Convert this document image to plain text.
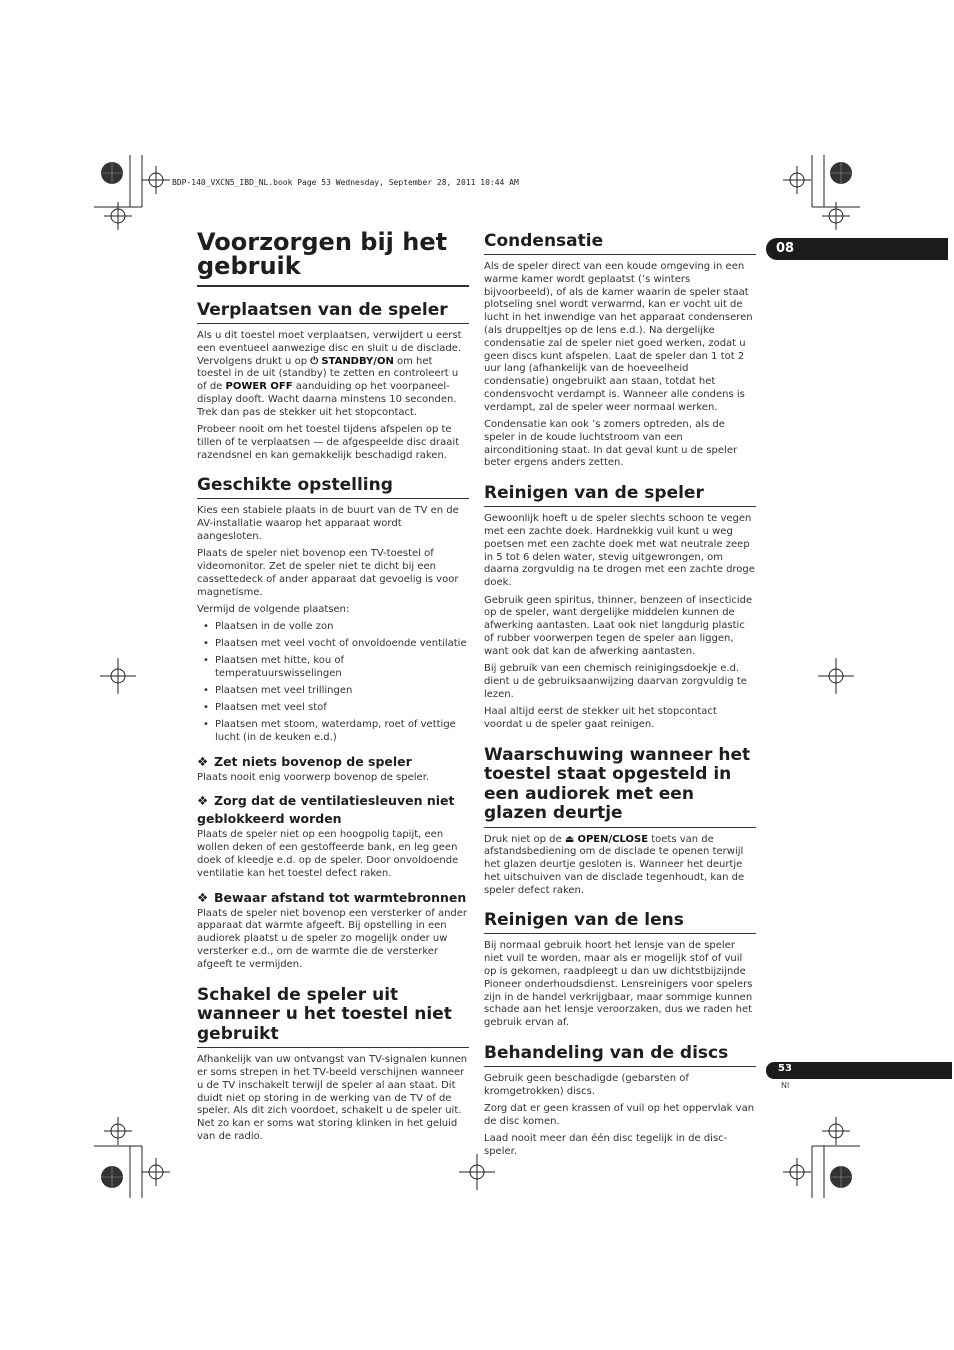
BDP-140_VXCN5_IBD_NL.book Page 53 Wednesday, September 28, 2011 10:44 AM
08
Voorzorgen bij het gebruik
Verplaatsen van de speler

Als u dit toestel moet verplaatsen, verwijdert u eerst een eventueel aanwezige disc en sluit u de disclade. Vervolgens drukt u op ⏻ STANDBY/ON om het toestel in de uit (standby) te zetten en controleert u of de POWER OFF aanduiding op het voorpaneel-display dooft. Wacht daarna minstens 10 seconden. Trek dan pas de stekker uit het stopcontact.

Probeer nooit om het toestel tijdens afspelen op te tillen of te verplaatsen — de afgespeelde disc draait razendsnel en kan gemakkelijk beschadigd raken.

Geschikte opstelling

Kies een stabiele plaats in de buurt van de TV en de AV-installatie waarop het apparaat wordt aangesloten.

Plaats de speler niet bovenop een TV-toestel of videomonitor. Zet de speler niet te dicht bij een cassettedeck of ander apparaat dat gevoelig is voor magnetisme.

Vermijd de volgende plaatsen:

• Plaatsen in de volle zon
• Plaatsen met veel vocht of onvoldoende ventilatie
• Plaatsen met hitte, kou of temperatuurswisselingen
• Plaatsen met veel trillingen
• Plaatsen met veel stof
• Plaatsen met stoom, waterdamp, roet of vettige lucht (in de keuken e.d.)
❖ Zet niets bovenop de speler

Plaats nooit enig voorwerp bovenop de speler.

❖ Zorg dat de ventilatiesleuven niet geblokkeerd worden

Plaats de speler niet op een hoogpolig tapijt, een wollen deken of een gestoffeerde bank, en leg geen doek of kleedje e.d. op de speler. Door onvoldoende ventilatie kan het toestel defect raken.

❖ Bewaar afstand tot warmtebronnen

Plaats de speler niet bovenop een versterker of ander apparaat dat warmte afgeeft. Bij opstelling in een audiorek plaatst u de speler zo mogelijk onder uw versterker e.d., om de warmte die de versterker afgeeft te vermijden.

Schakel de speler uit wanneer u het toestel niet gebruikt

Afhankelijk van uw ontvangst van TV-signalen kunnen er soms strepen in het TV-beeld verschijnen wanneer u de TV inschakelt terwijl de speler al aan staat. Dit duidt niet op storing in de werking van de TV of de speler. Als dit zich voordoet, schakelt u de speler uit. Net zo kan er soms wat storing klinken in het geluid van de radio.

Condensatie

Als de speler direct van een koude omgeving in een warme kamer wordt geplaatst (’s winters bijvoorbeeld), of als de kamer waarin de speler staat plotseling snel wordt verwarmd, kan er vocht uit de lucht in het inwendige van het apparaat condenseren (als druppeltjes op de lens e.d.). Na dergelijke condensatie zal de speler niet goed werken, zodat u geen discs kunt afspelen. Laat de speler dan 1 tot 2 uur lang (afhankelijk van de hoeveelheid condensatie) ongebruikt aan staan, totdat het condensvocht verdampt is. Wanneer alle condens is verdampt, zal de speler weer normaal werken.

Condensatie kan ook ’s zomers optreden, als de speler in de koude luchtstroom van een airconditioning staat. In dat geval kunt u de speler beter ergens anders zetten.

Reinigen van de speler

Gewoonlijk hoeft u de speler slechts schoon te vegen met een zachte doek. Hardnekkig vuil kunt u weg poetsen met een zachte doek met wat neutrale zeep in 5 tot 6 delen water, stevig uitgewrongen, om daarna zorgvuldig na te drogen met een zachte droge doek.

Gebruik geen spiritus, thinner, benzeen of insecticide op de speler, want dergelijke middelen kunnen de afwerking aantasten. Laat ook niet langdurig plastic of rubber voorwerpen tegen de speler aan liggen, want ook dat kan de afwerking aantasten.

Bij gebruik van een chemisch reinigingsdoekje e.d. dient u de gebruiksaanwijzing daarvan zorgvuldig te lezen.

Haal altijd eerst de stekker uit het stopcontact voordat u de speler gaat reinigen.

Waarschuwing wanneer het toestel staat opgesteld in een audiorek met een glazen deurtje

Druk niet op de ⏏ OPEN/CLOSE toets van de afstandsbediening om de disclade te openen terwijl het glazen deurtje gesloten is. Wanneer het deurtje het uitschuiven van de disclade tegenhoudt, kan de speler defect raken.

Reinigen van de lens

Bij normaal gebruik hoort het lensje van de speler niet vuil te worden, maar als er mogelijk stof of vuil op is gekomen, raadpleegt u dan uw dichtstbijzijnde Pioneer onderhoudsdienst. Lensreinigers voor spelers zijn in de handel verkrijgbaar, maar sommige kunnen schade aan het lensje veroorzaken, dus we raden het gebruik ervan af.

Behandeling van de discs

Gebruik geen beschadigde (gebarsten of kromgetrokken) discs.

Zorg dat er geen krassen of vuil op het oppervlak van de disc komen.

Laad nooit meer dan één disc tegelijk in de disc-speler.

53
Nl
